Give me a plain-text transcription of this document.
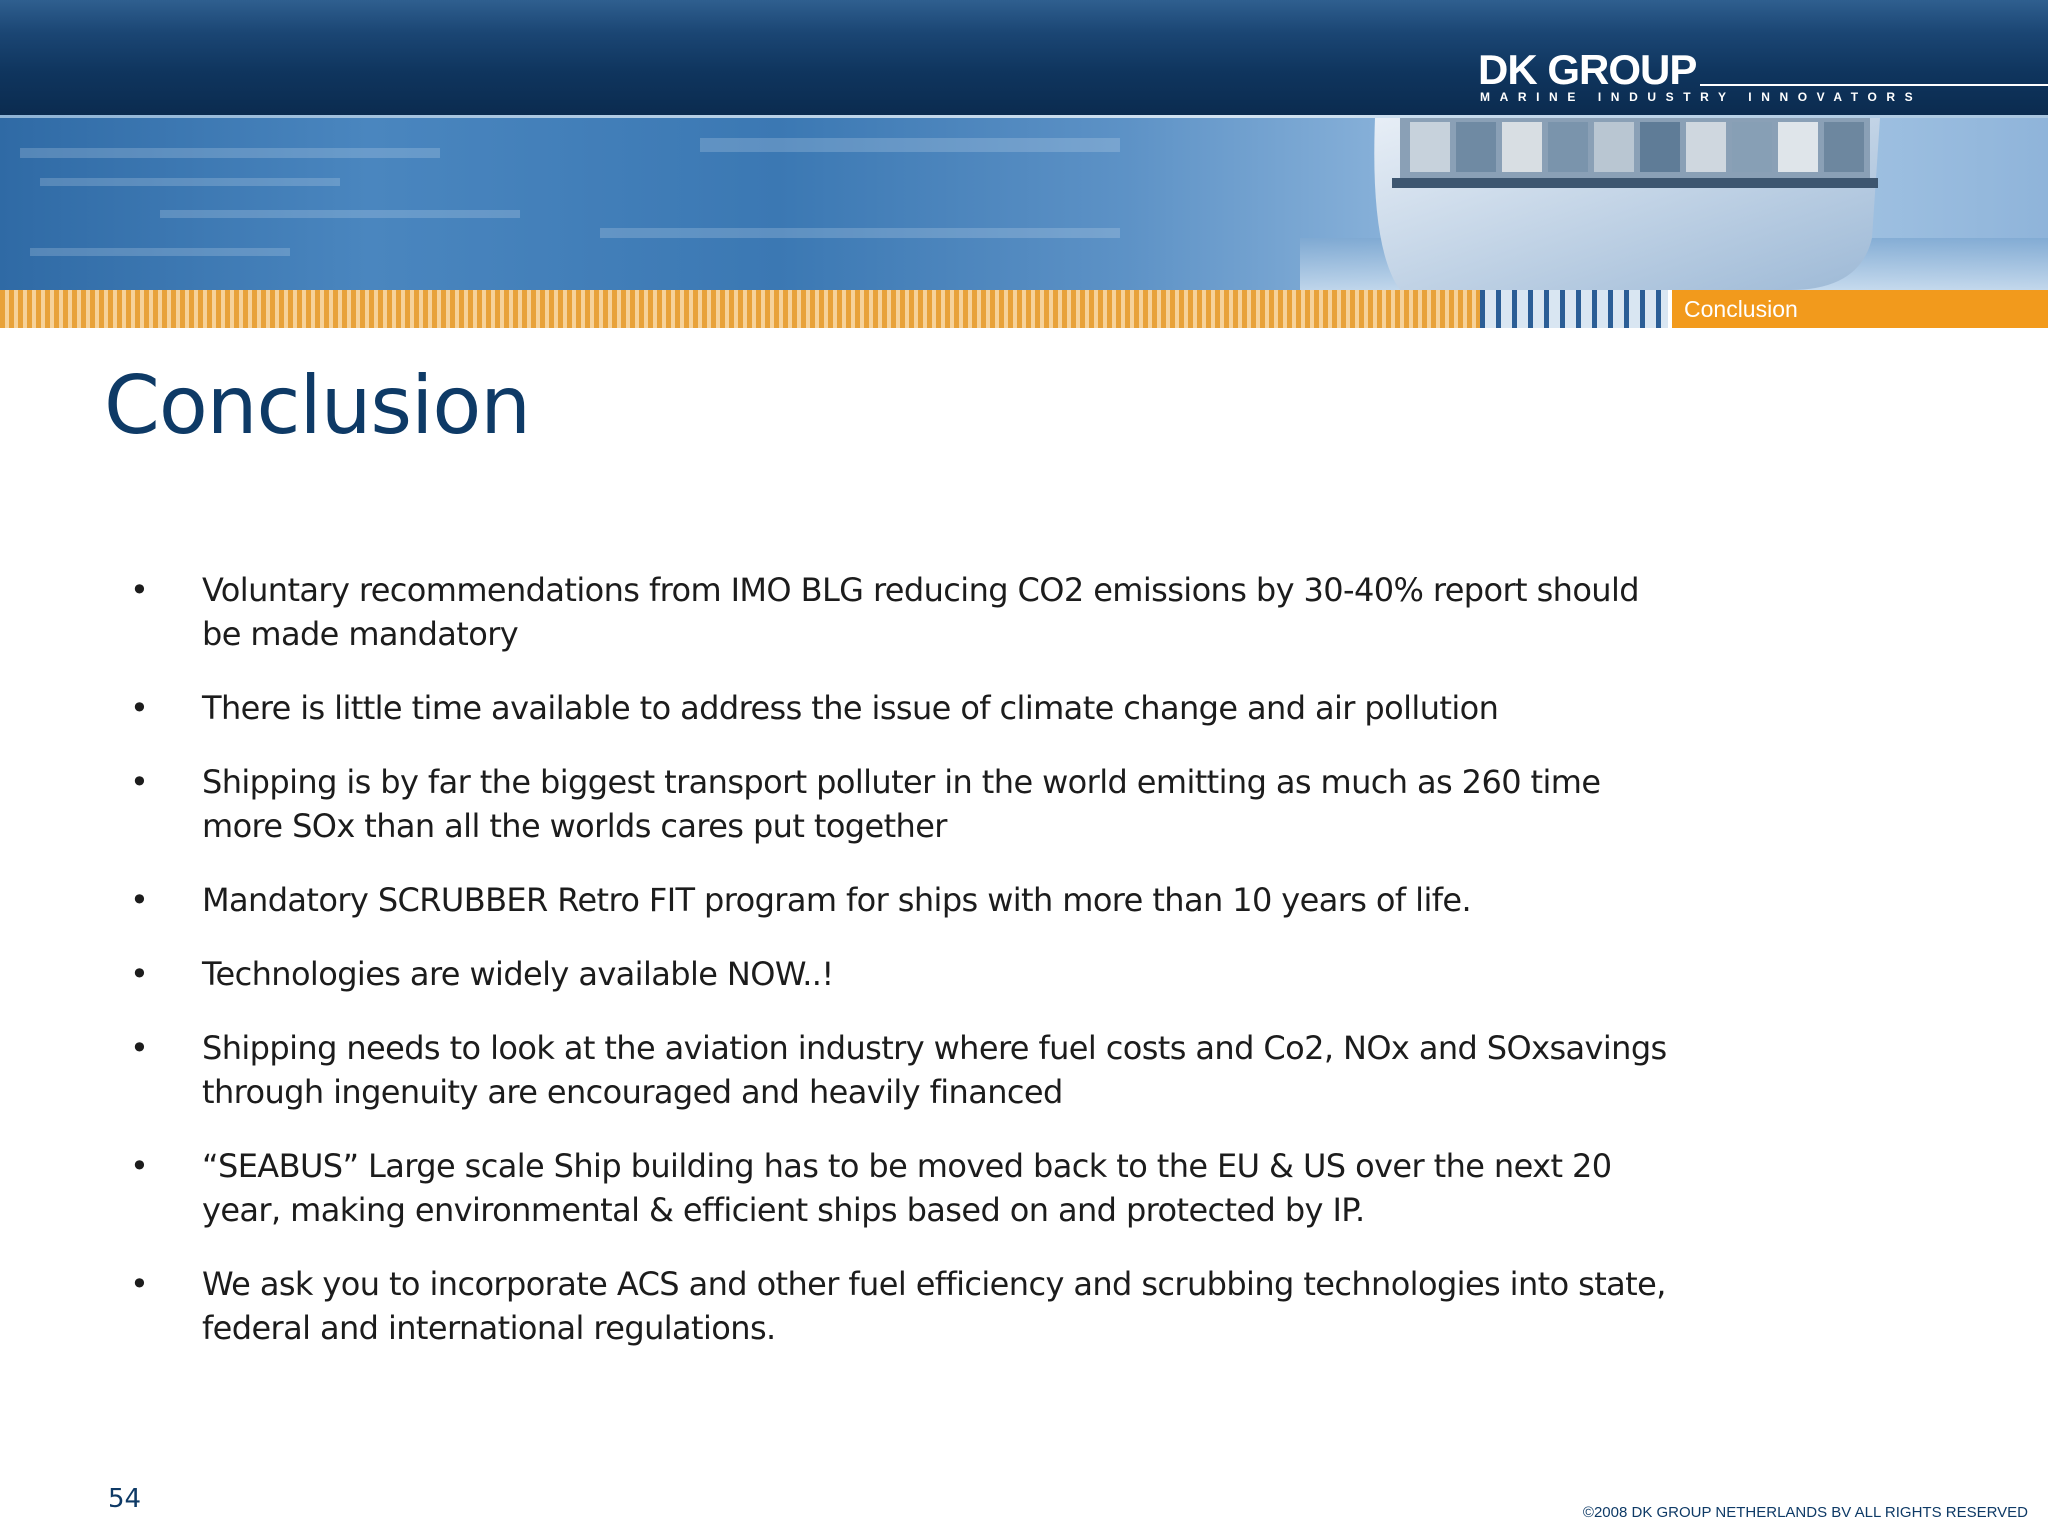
DK GROUP
MARINE INDUSTRY INNOVATORS
Conclusion
Conclusion
• Voluntary recommendations from IMO BLG reducing CO2 emissions by 30-40% report should be made mandatory
• There is little time available to address the issue of climate change and air pollution
• Shipping is by far the biggest transport polluter in the world emitting as much as 260 time more SOx than all the worlds cares put together
• Mandatory SCRUBBER Retro FIT program for ships with more than 10 years of life.
• Technologies are widely available NOW..!
• Shipping needs to look at the aviation industry where fuel costs and Co2, NOx and SOxsavings through ingenuity are encouraged and heavily financed
• “SEABUS” Large scale Ship building has to be moved back to the EU & US over the next 20 year, making environmental & efficient ships based on and protected by IP.
• We ask you to incorporate ACS and other fuel efficiency and scrubbing technologies into state, federal and international regulations.
54	©2008 DK GROUP NETHERLANDS BV ALL RIGHTS RESERVED
